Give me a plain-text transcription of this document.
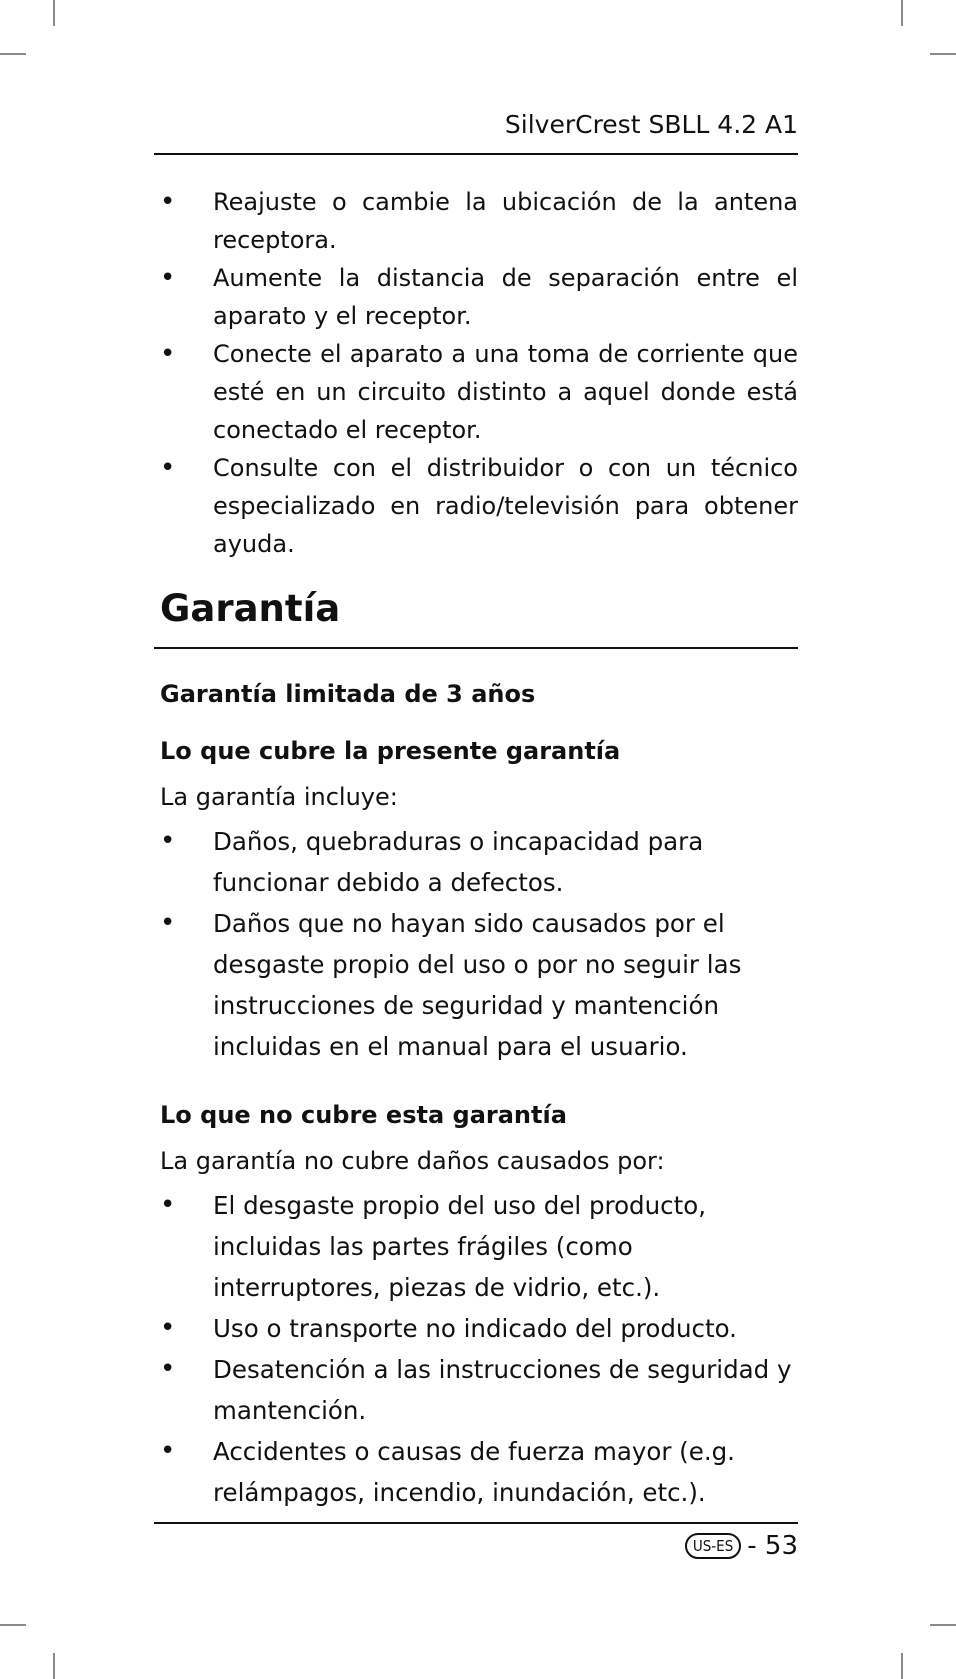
SilverCrest SBLL 4.2 A1
• Reajuste o cambie la ubicación de la antena receptora.
• Aumente la distancia de separación entre el aparato y el receptor.
• Conecte el aparato a una toma de corriente que esté en un circuito distinto a aquel donde está conectado el receptor.
• Consulte con el distribuidor o con un técnico especializado en radio/televisión para obtener ayuda.
Garantía
Garantía limitada de 3 años
Lo que cubre la presente garantía

La garantía incluye:

• Daños, quebraduras o incapacidad para funcionar debido a defectos.
• Daños que no hayan sido causados por el desgaste propio del uso o por no seguir las instrucciones de seguridad y mantención incluidas en el manual para el usuario.
Lo que no cubre esta garantía

La garantía no cubre daños causados por:

• El desgaste propio del uso del producto, incluidas las partes frágiles (como interruptores, piezas de vidrio, etc.).
• Uso o transporte no indicado del producto.
• Desatención a las instrucciones de seguridad y mantención.
• Accidentes o causas de fuerza mayor (e.g. relámpagos, incendio, inundación, etc.).
US-ES - 53
